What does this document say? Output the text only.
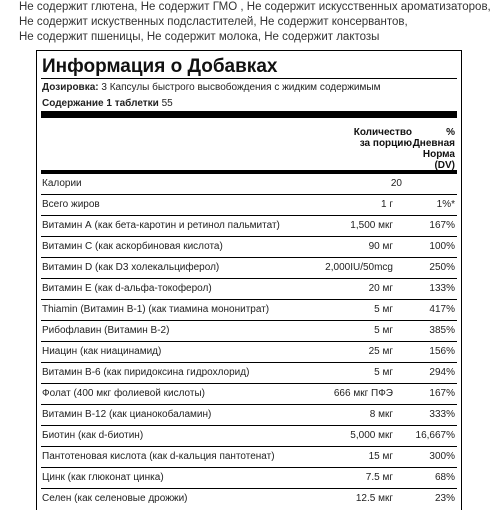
Не содержит глютена, Не содержит ГМО , Не содержит искусственных ароматизаторов,
Не содержит искуственных подсластителей, Не содержит консервантов,
Не содержит пшеницы, Не содержит молока, Не содержит лактозы
Информация о Добавках
Дозировка: 3 Капсулы быстрого высвобождения с жидким содержимым
Содержание 1 таблетки 55
Количество
за порцию
%
Дневная
Норма
(DV)
Калории	20
Всего жиров	1 г	1%*
Витамин А (как бета-каротин и ретинол пальмитат)	1,500 мкг	167%
Витамин С (как аскорбиновая кислота)	90 мг	100%
Витамин D (как D3 холекальциферол)	2,000IU/50mcg	250%
Витамин Е (как d-альфа-токоферол)	20 мг	133%
Thiamin (Витамин B-1) (как тиамина мононитрат)	5 мг	417%
Рибофлавин (Витамин B-2)	5 мг	385%
Ниацин (как ниацинамид)	25 мг	156%
Витамин B-6 (как пиридоксина гидрохлорид)	5 мг	294%
Фолат (400 мкг фолиевой кислоты)	666 мкг ПФЭ	167%
Витамин B-12 (как цианокобаламин)	8 мкг	333%
Биотин (как d-биотин)	5,000 мкг 16,667%
Пантотеновая кислота (как d-кальция пантотенат)	15 мг	300%
Цинк (как глюконат цинка)	7.5 мг	68%
Селен (как селеновые дрожжи)	12.5 мкг	23%
